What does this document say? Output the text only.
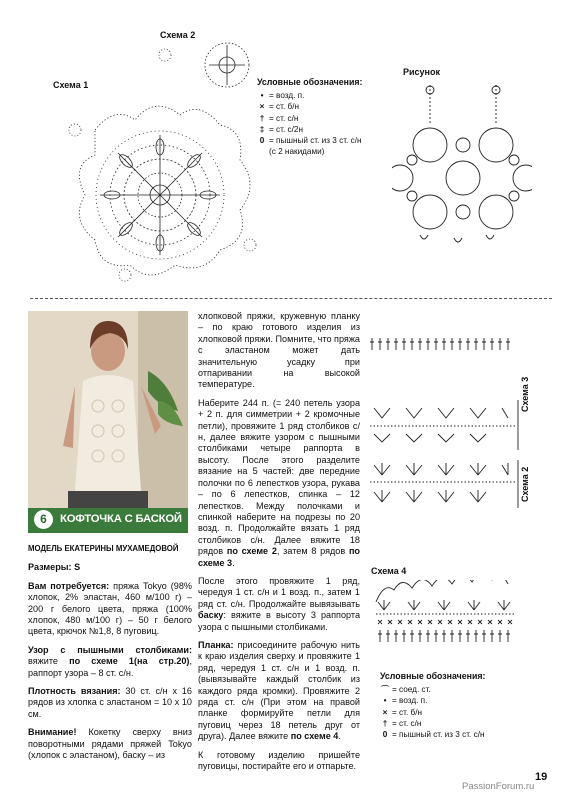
Схема 1
Схема 2
Условные обозначения:
• = возд. п.
× = ст. б/н
† = ст. с/н
‡ = ст. с/2н
0 = пышный ст. из 3 ст. с/н (с 2 накидами)
Рисунок
6	КОФТОЧКА С БАСКОЙ

МОДЕЛЬ ЕКАТЕРИНЫ МУХАМЕДОВОЙ

Размеры: S

Вам потребуется: пряжа Tokyo (98% хлопок, 2% эластан, 460 м/100 г) – 200 г белого цвета, пряжа (100% хлопок, 480 м/100 г) – 50 г белого цвета, крючок №1,8, 8 пуговиц.

Узор с пышными столбиками: вяжите по схеме 1(на стр.20), раппорт узора – 8 ст. с/н.

Плотность вязания: 30 ст. с/н х 16 рядов из хлопка с эластаном = 10 х 10 см.

Внимание! Кокетку сверху вниз поворотными рядами пряжей Tokyo (хлопок с эластаном), баску – из

хлопковой пряжи, кружевную планку – по краю готового изделия из хлопковой пряжи. Помните, что пряжа с эластаном может дать значительную усадку при отпаривании на высокой температуре.

Наберите 244 п. (= 240 петель узора + 2 п. для симметрии + 2 кромочные петли), провяжите 1 ряд столбиков с/н, далее вяжите узором с пышными столбиками четыре раппорта в высоту. После этого разделите вязание на 5 частей: две передние полочки по 6 лепестков узора, рукава – по 6 лепестков, спинка – 12 лепестков. Между полочками и спинкой наберите на подрезы по 20 возд. п. Продолжайте вязать 1 ряд столбиков с/н. Далее вяжите 18 рядов по схеме 2, затем 8 рядов по схеме 3.

После этого провяжите 1 ряд, чередуя 1 ст. с/н и 1 возд. п., затем 1 ряд ст. с/н. Продолжайте вывязывать баску: вяжите в высоту 3 раппорта узора с пышными столбиками.

Планка: присоедините рабочую нить к краю изделия сверху и провяжите 1 ряд, чередуя 1 ст. с/н и 1 возд. п. (вывязывайте каждый столбик из каждого ряда кромки). Провяжите 2 ряда ст. с/н (При этом на правой планке формируйте петли для пуговиц через 18 петель друг от друга). Далее вяжите по схеме 4.

К готовому изделию пришейте пуговицы, постирайте его и отпарьте.

Схема 3
Схема 2
Схема 4
Условные обозначения:
⌒ = соед. ст.
• = возд. п.
× = ст. б/н
† = ст. с/н
0 = пышный ст. из 3 ст. с/н
19
PassionForum.ru
